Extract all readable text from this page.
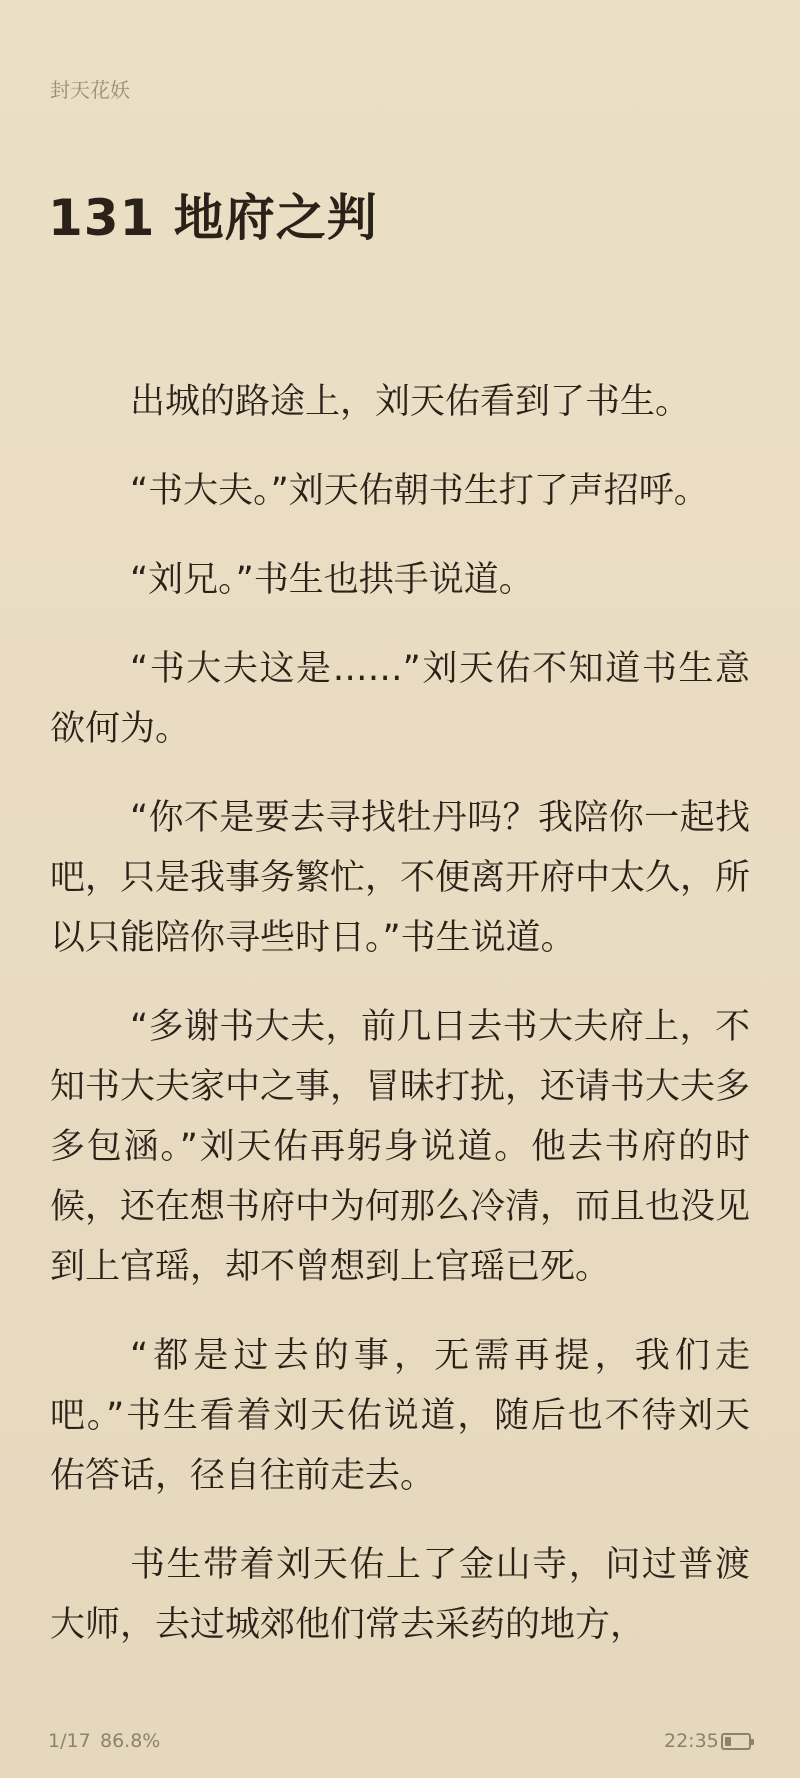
封天花妖
131 地府之判

出城的路途上，刘天佑看到了书生。

“书大夫。”刘天佑朝书生打了声招呼。

“刘兄。”书生也拱手说道。

“书大夫这是……”刘天佑不知道书生意欲何为。

“你不是要去寻找牡丹吗？我陪你一起找吧，只是我事务繁忙，不便离开府中太久，所以只能陪你寻些时日。”书生说道。

“多谢书大夫，前几日去书大夫府上，不知书大夫家中之事，冒昧打扰，还请书大夫多多包涵。”刘天佑再躬身说道。他去书府的时候，还在想书府中为何那么冷清，而且也没见到上官瑶，却不曾想到上官瑶已死。

“都是过去的事，无需再提，我们走吧。”书生看着刘天佑说道，随后也不待刘天佑答话，径自往前走去。

书生带着刘天佑上了金山寺，问过普渡大师，去过城郊他们常去采药的地方，

1/17 86.8%	22:35
